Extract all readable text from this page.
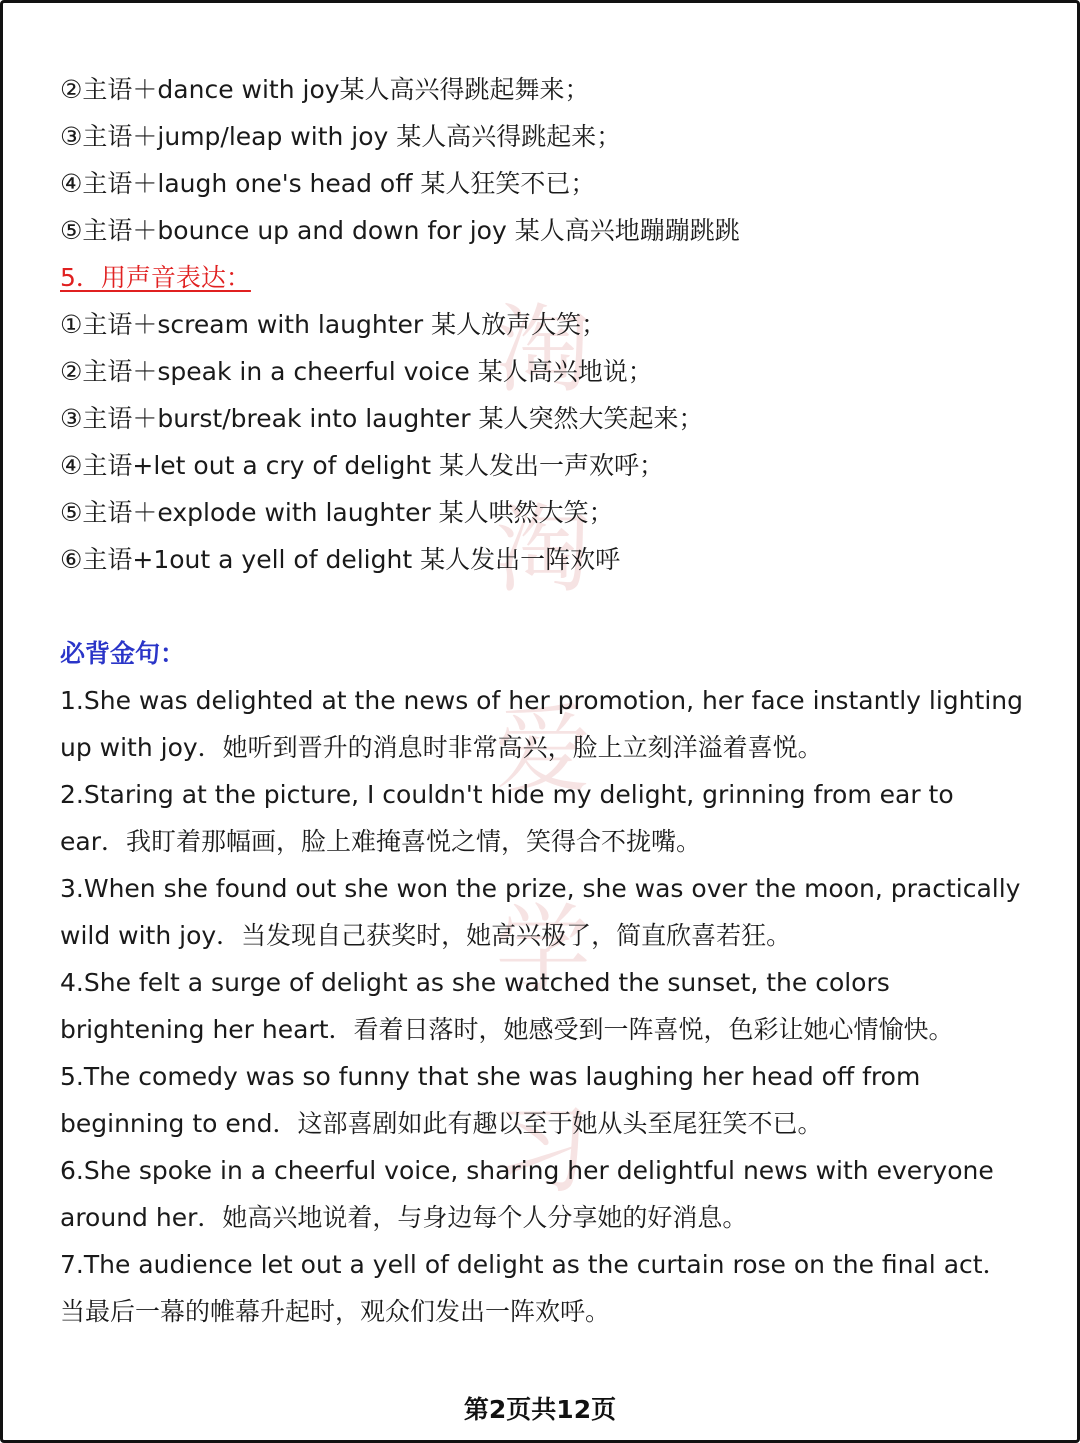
淘
淘
爱
学
习
②主语＋dance with joy某人高兴得跳起舞来；
③主语＋jump/leap with joy 某人高兴得跳起来；
④主语＋laugh one's head off 某人狂笑不已；
⑤主语＋bounce up and down for joy 某人高兴地蹦蹦跳跳
5．用声音表达：
①主语＋scream with laughter 某人放声大笑；
②主语＋speak in a cheerful voice 某人高兴地说；
③主语＋burst/break into laughter 某人突然大笑起来；
④主语+let out a cry of delight 某人发出一声欢呼；
⑤主语＋explode with laughter 某人哄然大笑；
⑥主语+1out a yell of delight 某人发出一阵欢呼
必背金句：
1.She was delighted at the news of her promotion, her face instantly lighting up with joy．她听到晋升的消息时非常高兴，脸上立刻洋溢着喜悦。
2.Staring at the picture, I couldn't hide my delight, grinning from ear to ear．我盯着那幅画，脸上难掩喜悦之情，笑得合不拢嘴。
3.When she found out she won the prize, she was over the moon, practically wild with joy．当发现自己获奖时，她高兴极了，简直欣喜若狂。
4.She felt a surge of delight as she watched the sunset, the colors brightening her heart．看着日落时，她感受到一阵喜悦，色彩让她心情愉快。
5.The comedy was so funny that she was laughing her head off from beginning to end．这部喜剧如此有趣以至于她从头至尾狂笑不已。
6.She spoke in a cheerful voice, sharing her delightful news with everyone around her．她高兴地说着，与身边每个人分享她的好消息。
7.The audience let out a yell of delight as the curtain rose on the final act．当最后一幕的帷幕升起时，观众们发出一阵欢呼。
第2页共12页
